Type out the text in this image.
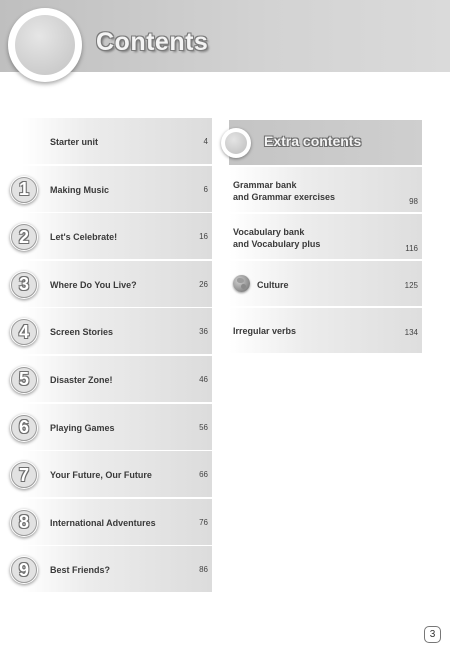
Contents
Starter unit	4
1	Making Music	6
2	Let's Celebrate!	16
3	Where Do You Live?	26
4	Screen Stories	36
5	Disaster Zone!	46
6	Playing Games	56
7	Your Future, Our Future	66
8	International Adventures	76
9	Best Friends?	86
Extra contents
Grammar bank
and Grammar exercises	98
Vocabulary bank
and Vocabulary plus	116
Culture	125
Irregular verbs	134
3
